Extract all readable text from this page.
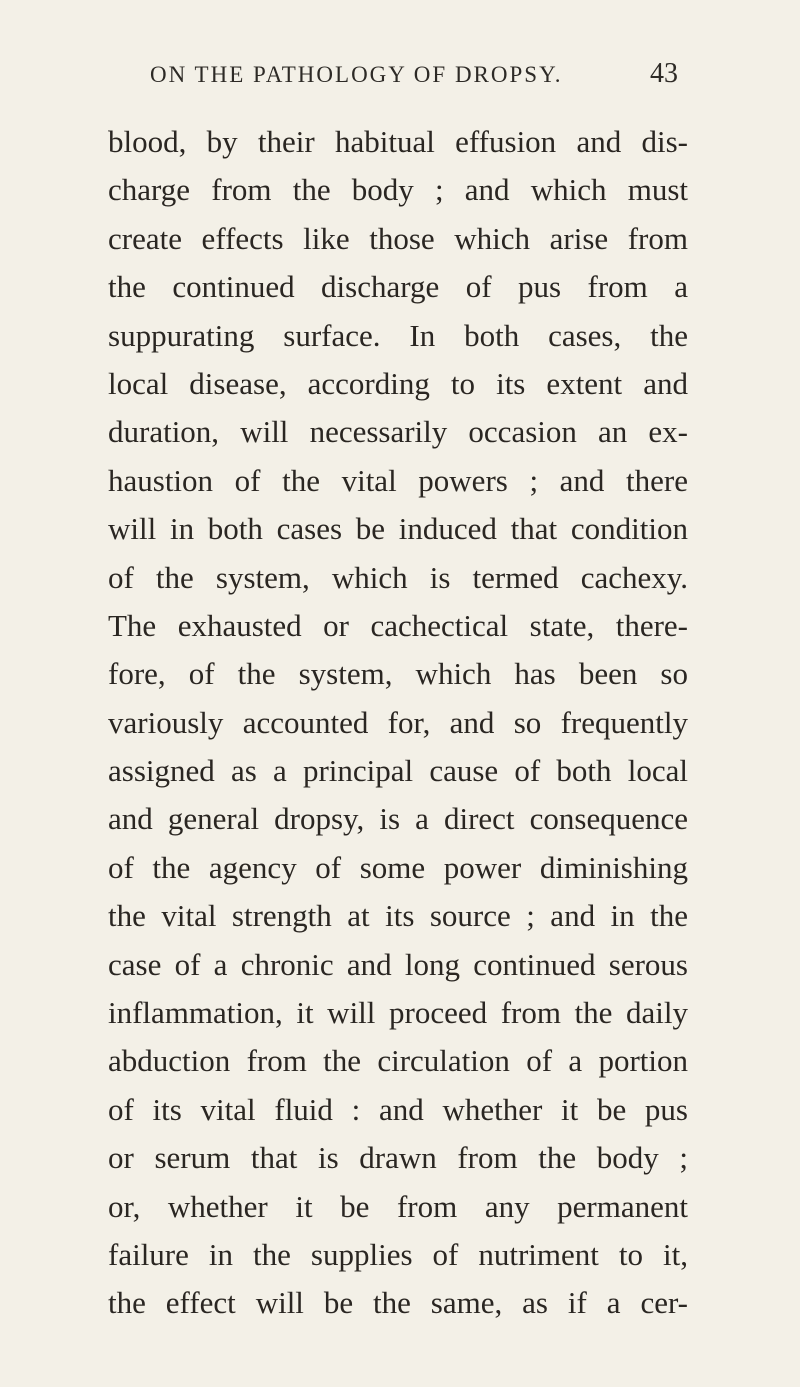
ON THE PATHOLOGY OF DROPSY.	43
blood, by their habitual effusion and dis-
charge from the body ; and which must
create effects like those which arise from
the continued discharge of pus from a
suppurating surface. In both cases, the
local disease, according to its extent and
duration, will necessarily occasion an ex-
haustion of the vital powers ; and there
will in both cases be induced that condition
of the system, which is termed cachexy.
The exhausted or cachectical state, there-
fore, of the system, which has been so
variously accounted for, and so frequently
assigned as a principal cause of both local
and general dropsy, is a direct consequence
of the agency of some power diminishing
the vital strength at its source ; and in the
case of a chronic and long continued serous
inflammation, it will proceed from the daily
abduction from the circulation of a portion
of its vital fluid : and whether it be pus
or serum that is drawn from the body ;
or, whether it be from any permanent
failure in the supplies of nutriment to it,
the effect will be the same, as if a cer-
